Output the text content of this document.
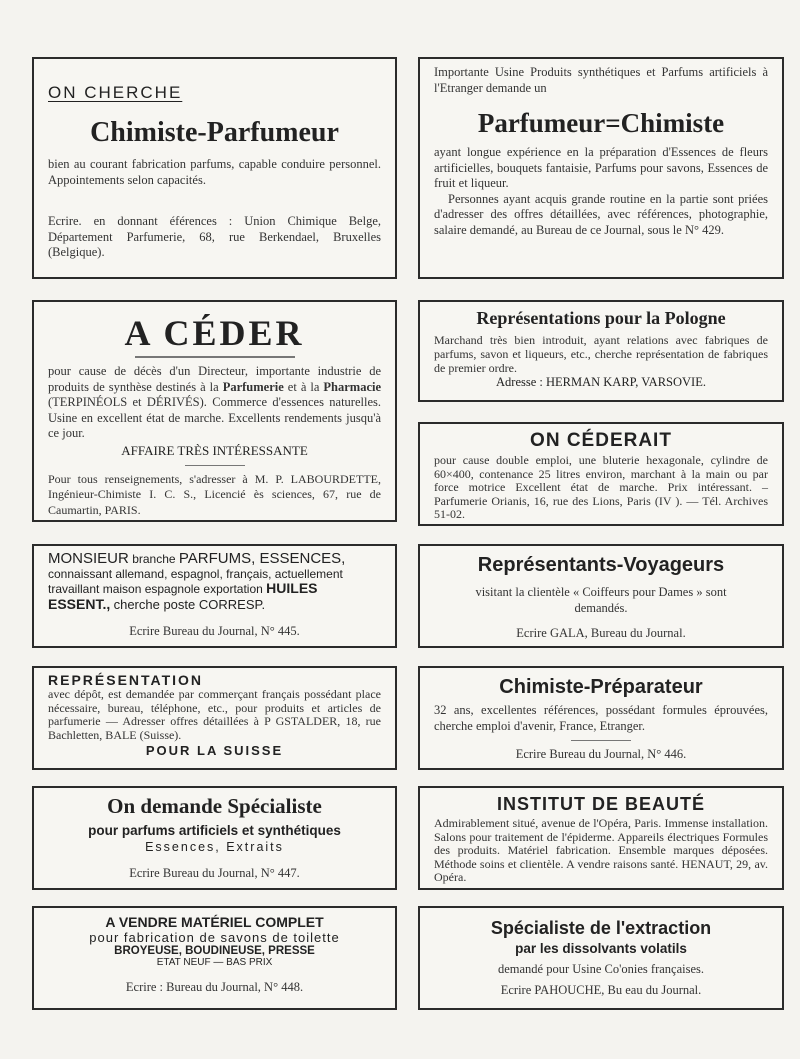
ON CHERCHE
Chimiste-Parfumeur

bien au courant fabrication parfums, capable conduire personnel. Appointements selon capacités.

Ecrire. en donnant éférences : Union Chimique Belge, Département Parfumerie, 68, rue Berkendael, Bruxelles (Belgique).

A CÉDER

pour cause de décès d'un Directeur, importante industrie de produits de synthèse destinés à la Parfumerie et à la Pharmacie (TERPINÉOLS et DÉRIVÉS). Commerce d'essences naturelles. Usine en excellent état de marche. Excellents rendements jusqu'à ce jour.

AFFAIRE TRÈS INTÉRESSANTE

Pour tous renseignements, s'adresser à M. P. LABOURDETTE, Ingénieur-Chimiste I. C. S., Licencié ès sciences, 67, rue de Caumartin, PARIS.

MONSIEUR branche PARFUMS, ESSENCES, connaissant allemand, espagnol, français, actuellement travaillant maison espagnole exportation HUILES ESSENT., cherche poste CORRESP.

Ecrire Bureau du Journal, N° 445.

REPRÉSENTATION

avec dépôt, est demandée par commerçant français possédant place nécessaire, bureau, téléphone, etc., pour produits et articles de parfumerie — Adresser offres détaillées à P GSTALDER, 18, rue Bachletten, BALE (Suisse).

POUR LA SUISSE
On demande Spécialiste
pour parfums artificiels et synthétiques
Essences, Extraits

Ecrire Bureau du Journal, N° 447.

A VENDRE MATÉRIEL COMPLET
pour fabrication de savons de toilette
BROYEUSE, BOUDINEUSE, PRESSE
ETAT NEUF — BAS PRIX

Ecrire : Bureau du Journal, N° 448.

Importante Usine Produits synthétiques et Parfums artificiels à l'Etranger demande un

Parfumeur=Chimiste

ayant longue expérience en la préparation d'Essences de fleurs artificielles, bouquets fantaisie, Parfums pour savons, Essences de fruit et liqueur.

Personnes ayant acquis grande routine en la partie sont priées d'adresser des offres détaillées, avec références, photographie, salaire demandé, au Bureau de ce Journal, sous le N° 429.

Représentations pour la Pologne

Marchand très bien introduit, ayant relations avec fabriques de parfums, savon et liqueurs, etc., cherche représentation de fabriques de premier ordre.

Adresse : HERMAN KARP, VARSOVIE.
ON CÉDERAIT

pour cause double emploi, une bluterie hexagonale, cylindre de 60×400, contenance 25 litres environ, marchant à la main ou par force motrice Excellent état de marche. Prix intéressant. – Parfumerie Orianis, 16, rue des Lions, Paris (IV ). — Tél. Archives 51-02.

Représentants-Voyageurs

visitant la clientèle « Coiffeurs pour Dames » sont demandés.

Ecrire GALA, Bureau du Journal.

Chimiste-Préparateur

32 ans, excellentes références, possédant formules éprouvées, cherche emploi d'avenir, France, Etranger.

Ecrire Bureau du Journal, N° 446.

INSTITUT DE BEAUTÉ

Admirablement situé, avenue de l'Opéra, Paris. Immense installation. Salons pour traitement de l'épiderme. Appareils électriques Formules des produits. Matériel fabrication. Ensemble marques déposées. Méthode soins et clientèle. A vendre raisons santé. HENAUT, 29, av. Opéra.

Spécialiste de l'extraction
par les dissolvants volatils

demandé pour Usine Co'onies françaises.

Ecrire PAHOUCHE, Bu eau du Journal.
